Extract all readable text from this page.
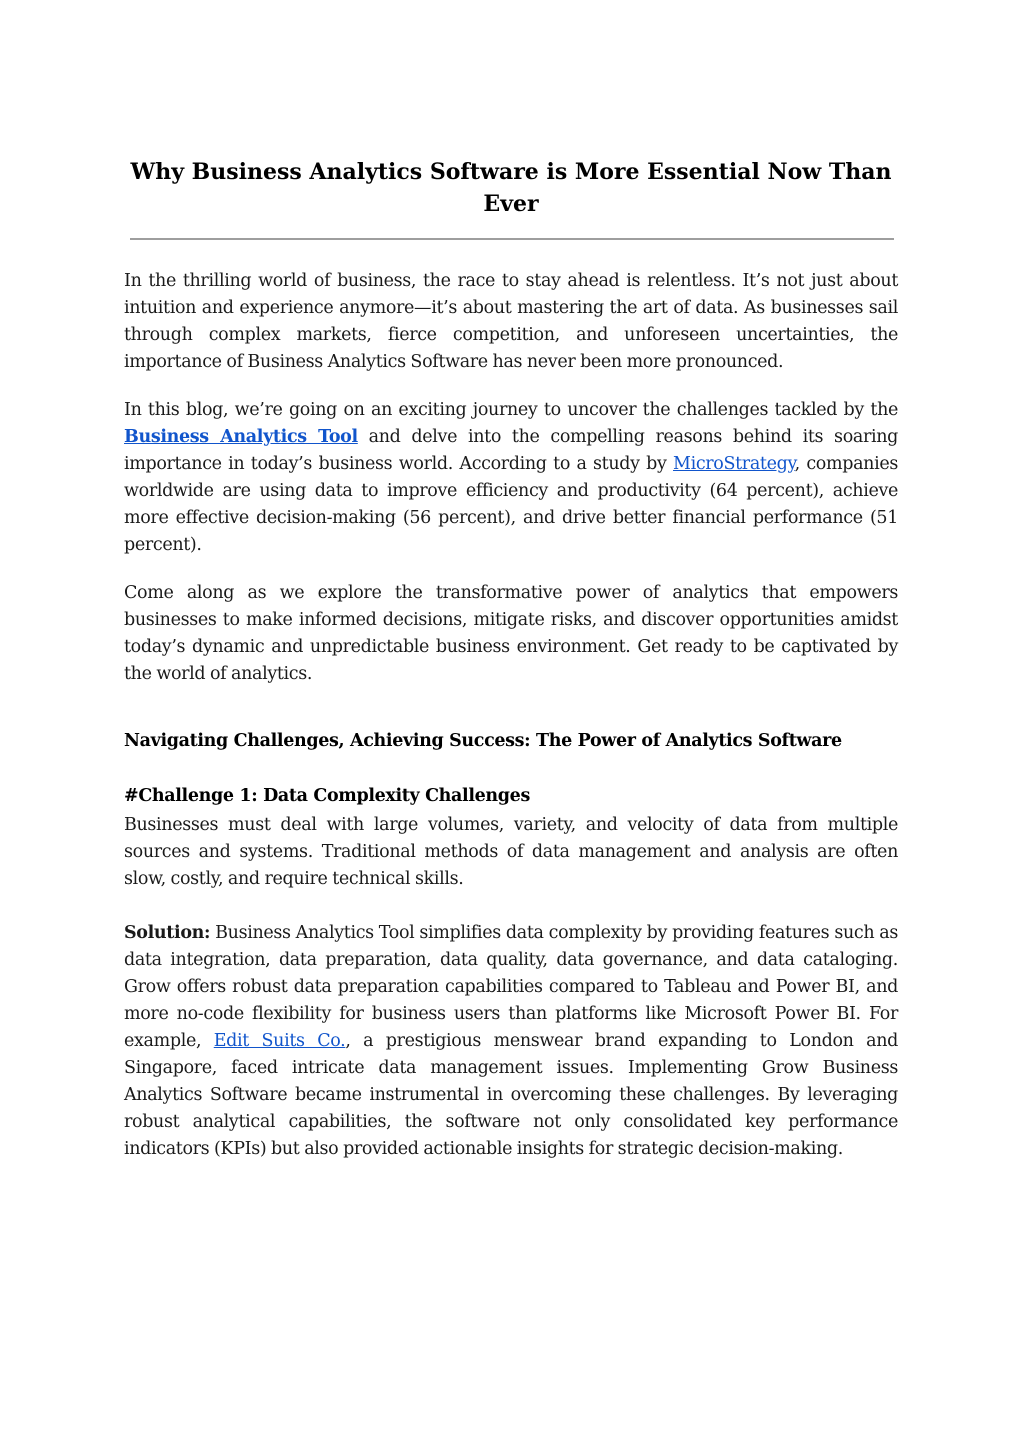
Why Business Analytics Software is More Essential Now Than Ever

In the thrilling world of business, the race to stay ahead is relentless. It’s not just about intuition and experience anymore—it’s about mastering the art of data. As businesses sail through complex markets, fierce competition, and unforeseen uncertainties, the importance of Business Analytics Software has never been more pronounced.

In this blog, we’re going on an exciting journey to uncover the challenges tackled by the Business Analytics Tool and delve into the compelling reasons behind its soaring importance in today’s business world. According to a study by MicroStrategy, companies worldwide are using data to improve efficiency and productivity (64 percent), achieve more effective decision-making (56 percent), and drive better financial performance (51 percent).

Come along as we explore the transformative power of analytics that empowers businesses to make informed decisions, mitigate risks, and discover opportunities amidst today’s dynamic and unpredictable business environment. Get ready to be captivated by the world of analytics.

Navigating Challenges, Achieving Success: The Power of Analytics Software
#Challenge 1: Data Complexity Challenges

Businesses must deal with large volumes, variety, and velocity of data from multiple sources and systems. Traditional methods of data management and analysis are often slow, costly, and require technical skills.

Solution: Business Analytics Tool simplifies data complexity by providing features such as data integration, data preparation, data quality, data governance, and data cataloging. Grow offers robust data preparation capabilities compared to Tableau and Power BI, and more no-code flexibility for business users than platforms like Microsoft Power BI. For example, Edit Suits Co., a prestigious menswear brand expanding to London and Singapore, faced intricate data management issues. Implementing Grow Business Analytics Software became instrumental in overcoming these challenges. By leveraging robust analytical capabilities, the software not only consolidated key performance indicators (KPIs) but also provided actionable insights for strategic decision-making.
